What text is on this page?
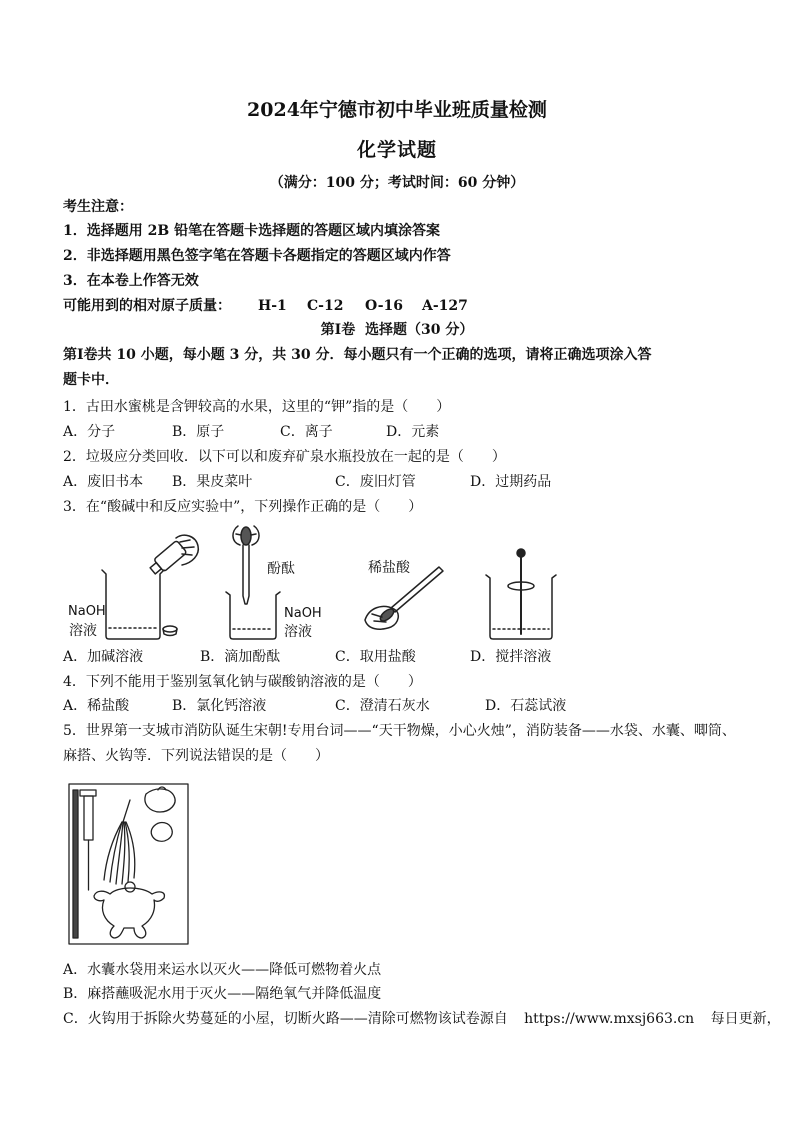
2024年宁德市初中毕业班质量检测
化学试题
（满分：100 分；考试时间：60 分钟）
考生注意：
1．选择题用 2B 铅笔在答题卡选择题的答题区域内填涂答案
2．非选择题用黑色签字笔在答题卡各题指定的答题区域内作答
3．在本卷上作答无效
可能用到的相对原子质量： H-1 C-12 O-16 A-127
第Ⅰ卷  选择题（30 分）
第Ⅰ卷共 10 小题，每小题 3 分，共 30 分．每小题只有一个正确的选项，请将正确选项涂入答
题卡中．
1．古田水蜜桃是含钾较高的水果，这里的“钾”指的是（　　）
A．分子	B．原子	C．离子	D．元素
2．垃圾应分类回收．以下可以和废弃矿泉水瓶投放在一起的是（　　）
A．废旧书本 B．果皮菜叶	C．废旧灯管	D．过期药品
3．在“酸碱中和反应实验中”，下列操作正确的是（　　）
NaOH
溶液
酚酞
NaOH
溶液
稀盐酸
A．加碱溶液	B．滴加酚酞	C．取用盐酸	D．搅拌溶液
4．下列不能用于鉴别氢氧化钠与碳酸钠溶液的是（　　）
A．稀盐酸	B．氯化钙溶液	C．澄清石灰水	D．石蕊试液
5．世界第一支城市消防队诞生宋朝!专用台词——“天干物燥，小心火烛”，消防装备——水袋、水囊、唧筒、
麻搭、火钩等．下列说法错误的是（　　）
A．水囊水袋用来运水以灭火——降低可燃物着火点
B．麻搭蘸吸泥水用于灭火——隔绝氧气并降低温度
C．火钩用于拆除火势蔓延的小屋，切断火路——清除可燃物该试卷源自 https://www.mxsj663.cn 每日更新，
